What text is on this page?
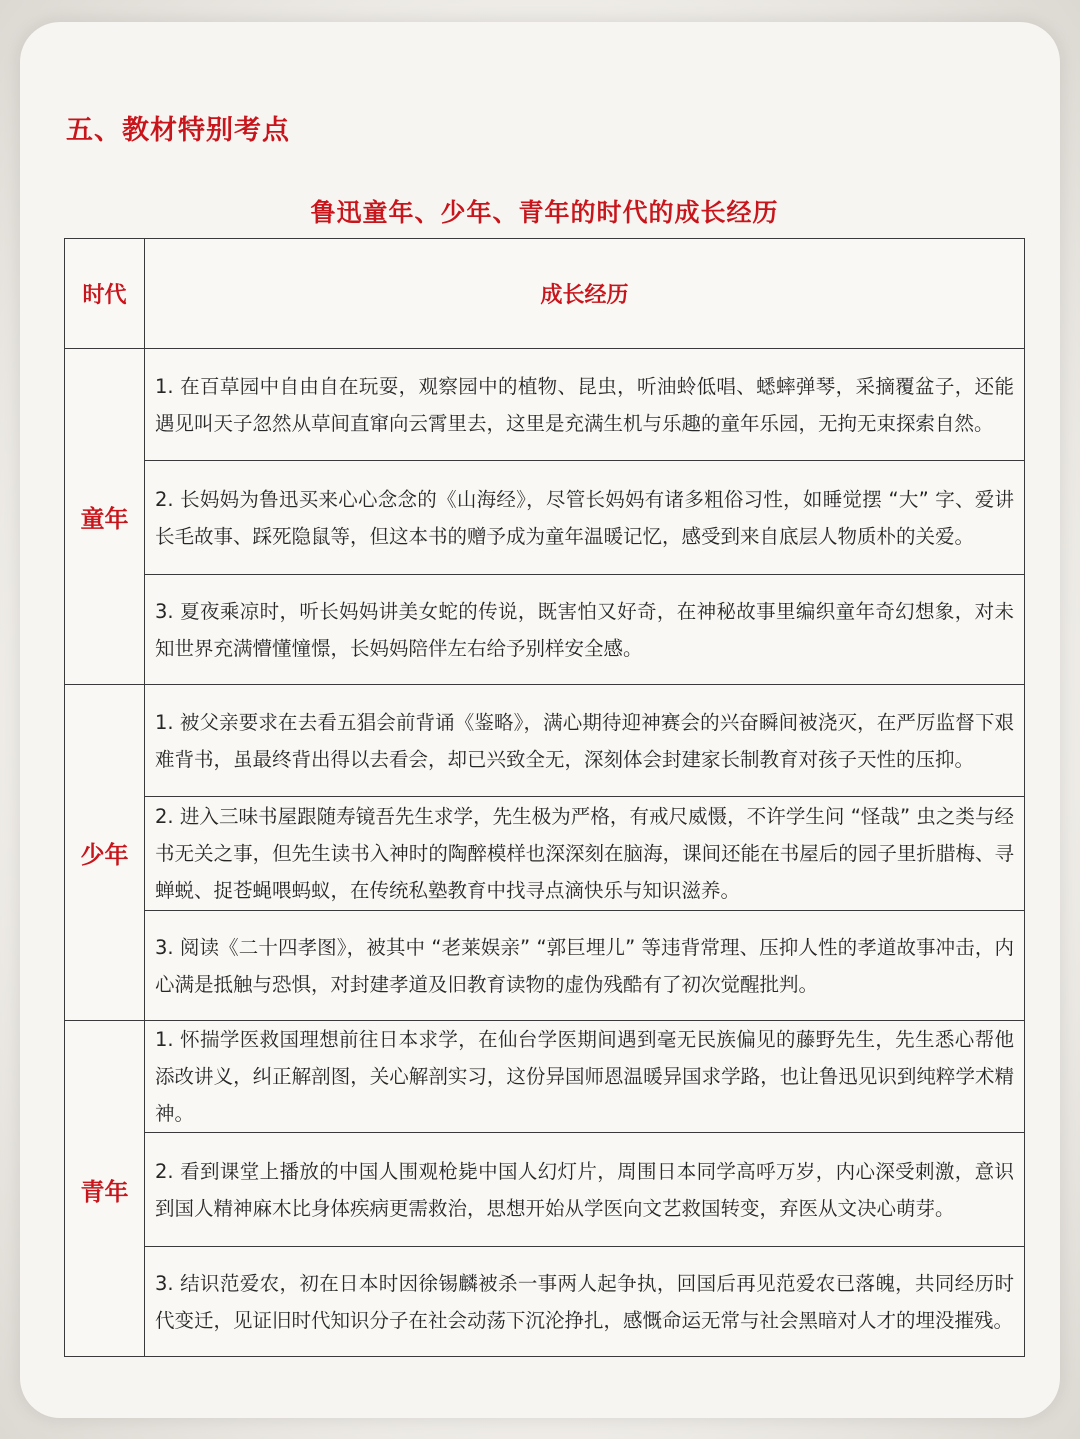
五、教材特别考点
鲁迅童年、少年、青年的时代的成长经历
时代	成长经历
童年
1. 在百草园中自由自在玩耍，观察园中的植物、昆虫，听油蛉低唱、蟋蟀弹琴，采摘覆盆子，还能遇见叫天子忽然从草间直窜向云霄里去，这里是充满生机与乐趣的童年乐园，无拘无束探索自然。
2. 长妈妈为鲁迅买来心心念念的《山海经》，尽管长妈妈有诸多粗俗习性，如睡觉摆 “大” 字、爱讲长毛故事、踩死隐鼠等，但这本书的赠予成为童年温暖记忆，感受到来自底层人物质朴的关爱。
3. 夏夜乘凉时，听长妈妈讲美女蛇的传说，既害怕又好奇，在神秘故事里编织童年奇幻想象，对未知世界充满懵懂憧憬，长妈妈陪伴左右给予别样安全感。
少年
1. 被父亲要求在去看五猖会前背诵《鉴略》，满心期待迎神赛会的兴奋瞬间被浇灭，在严厉监督下艰难背书，虽最终背出得以去看会，却已兴致全无，深刻体会封建家长制教育对孩子天性的压抑。
2. 进入三味书屋跟随寿镜吾先生求学，先生极为严格，有戒尺威慑，不许学生问 “怪哉” 虫之类与经书无关之事，但先生读书入神时的陶醉模样也深深刻在脑海，课间还能在书屋后的园子里折腊梅、寻蝉蜕、捉苍蝇喂蚂蚁，在传统私塾教育中找寻点滴快乐与知识滋养。
3. 阅读《二十四孝图》，被其中 “老莱娱亲” “郭巨埋儿” 等违背常理、压抑人性的孝道故事冲击，内心满是抵触与恐惧，对封建孝道及旧教育读物的虚伪残酷有了初次觉醒批判。
青年
1. 怀揣学医救国理想前往日本求学，在仙台学医期间遇到毫无民族偏见的藤野先生，先生悉心帮他添改讲义，纠正解剖图，关心解剖实习，这份异国师恩温暖异国求学路，也让鲁迅见识到纯粹学术精神。
2. 看到课堂上播放的中国人围观枪毙中国人幻灯片，周围日本同学高呼万岁，内心深受刺激，意识到国人精神麻木比身体疾病更需救治，思想开始从学医向文艺救国转变，弃医从文决心萌芽。
3. 结识范爱农，初在日本时因徐锡麟被杀一事两人起争执，回国后再见范爱农已落魄，共同经历时代变迁，见证旧时代知识分子在社会动荡下沉沦挣扎，感慨命运无常与社会黑暗对人才的埋没摧残。
